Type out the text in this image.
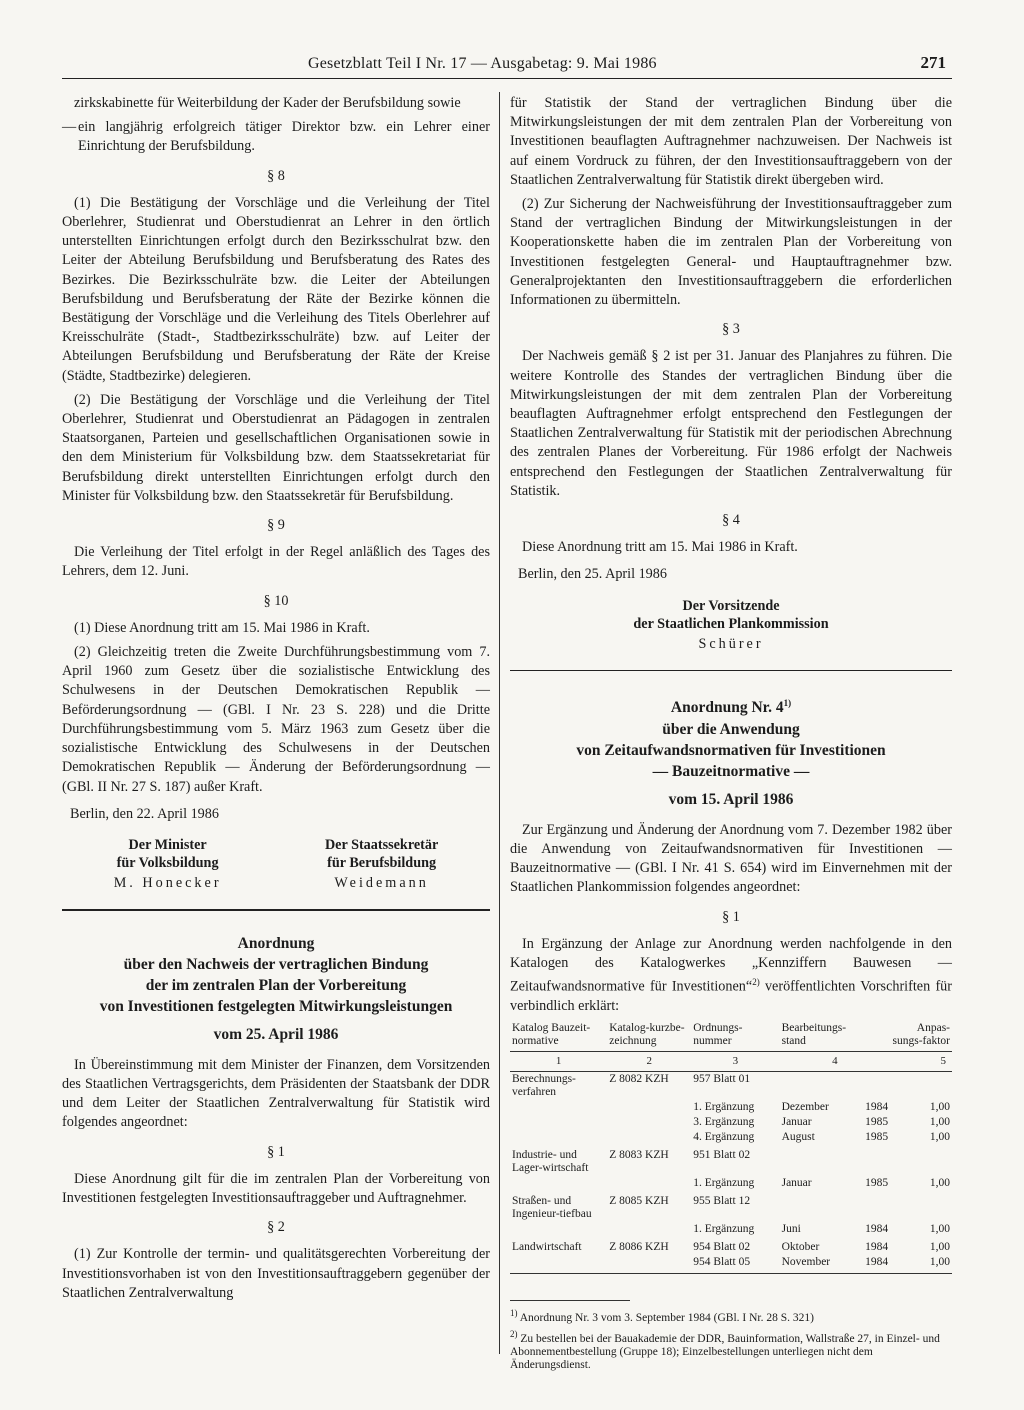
Gesetzblatt Teil I Nr. 17 — Ausgabetag: 9. Mai 1986	271

zirkskabinette für Weiterbildung der Kader der Berufsbildung sowie

— ein langjährig erfolgreich tätiger Direktor bzw. ein Lehrer einer Einrichtung der Berufsbildung.
§ 8

(1) Die Bestätigung der Vorschläge und die Verleihung der Titel Oberlehrer, Studienrat und Oberstudienrat an Lehrer in den örtlich unterstellten Einrichtungen erfolgt durch den Bezirksschulrat bzw. den Leiter der Abteilung Berufsbildung und Berufsberatung des Rates des Bezirkes. Die Bezirksschulräte bzw. die Leiter der Abteilungen Berufsbildung und Berufsberatung der Räte der Bezirke können die Bestätigung der Vorschläge und die Verleihung des Titels Oberlehrer auf Kreisschulräte (Stadt-, Stadtbezirksschulräte) bzw. auf Leiter der Abteilungen Berufsbildung und Berufsberatung der Räte der Kreise (Städte, Stadtbezirke) delegieren.

(2) Die Bestätigung der Vorschläge und die Verleihung der Titel Oberlehrer, Studienrat und Oberstudienrat an Pädagogen in zentralen Staatsorganen, Parteien und gesellschaftlichen Organisationen sowie in den dem Ministerium für Volksbildung bzw. dem Staatssekretariat für Berufsbildung direkt unterstellten Einrichtungen erfolgt durch den Minister für Volksbildung bzw. den Staatssekretär für Berufsbildung.

§ 9

Die Verleihung der Titel erfolgt in der Regel anläßlich des Tages des Lehrers, dem 12. Juni.

§ 10

(1) Diese Anordnung tritt am 15. Mai 1986 in Kraft.

(2) Gleichzeitig treten die Zweite Durchführungsbestimmung vom 7. April 1960 zum Gesetz über die sozialistische Entwicklung des Schulwesens in der Deutschen Demokratischen Republik — Beförderungsordnung — (GBl. I Nr. 23 S. 228) und die Dritte Durchführungsbestimmung vom 5. März 1963 zum Gesetz über die sozialistische Entwicklung des Schulwesens in der Deutschen Demokratischen Republik — Änderung der Beförderungsordnung — (GBl. II Nr. 27 S. 187) außer Kraft.

Berlin, den 22. April 1986
Der Minister
für Volksbildung
M. Honecker
Der Staatssekretär
für Berufsbildung
Weidemann
Anordnung
über den Nachweis der vertraglichen Bindung
der im zentralen Plan der Vorbereitung
von Investitionen festgelegten Mitwirkungsleistungen
vom 25. April 1986

In Übereinstimmung mit dem Minister der Finanzen, dem Vorsitzenden des Staatlichen Vertragsgerichts, dem Präsidenten der Staatsbank der DDR und dem Leiter der Staatlichen Zentralverwaltung für Statistik wird folgendes angeordnet:

§ 1

Diese Anordnung gilt für die im zentralen Plan der Vorbereitung von Investitionen festgelegten Investitionsauftraggeber und Auftragnehmer.

§ 2

(1) Zur Kontrolle der termin- und qualitätsgerechten Vorbereitung der Investitionsvorhaben ist von den Investitionsauftraggebern gegenüber der Staatlichen Zentralverwaltung

für Statistik der Stand der vertraglichen Bindung über die Mitwirkungsleistungen der mit dem zentralen Plan der Vorbereitung von Investitionen beauflagten Auftragnehmer nachzuweisen. Der Nachweis ist auf einem Vordruck zu führen, der den Investitionsauftraggebern von der Staatlichen Zentralverwaltung für Statistik direkt übergeben wird.

(2) Zur Sicherung der Nachweisführung der Investitionsauftraggeber zum Stand der vertraglichen Bindung der Mitwirkungsleistungen in der Kooperationskette haben die im zentralen Plan der Vorbereitung von Investitionen festgelegten General- und Hauptauftragnehmer bzw. Generalprojektanten den Investitionsauftraggebern die erforderlichen Informationen zu übermitteln.

§ 3

Der Nachweis gemäß § 2 ist per 31. Januar des Planjahres zu führen. Die weitere Kontrolle des Standes der vertraglichen Bindung über die Mitwirkungsleistungen der mit dem zentralen Plan der Vorbereitung beauflagten Auftragnehmer erfolgt entsprechend den Festlegungen der Staatlichen Zentralverwaltung für Statistik mit der periodischen Abrechnung des zentralen Planes der Vorbereitung. Für 1986 erfolgt der Nachweis entsprechend den Festlegungen der Staatlichen Zentralverwaltung für Statistik.

§ 4

Diese Anordnung tritt am 15. Mai 1986 in Kraft.

Berlin, den 25. April 1986
Der Vorsitzende
der Staatlichen Plankommission
Schürer
Anordnung Nr. 4$^{1)}$
über die Anwendung
von Zeitaufwandsnormativen für Investitionen
— Bauzeitnormative —
vom 15. April 1986

Zur Ergänzung und Änderung der Anordnung vom 7. Dezember 1982 über die Anwendung von Zeitaufwandsnormativen für Investitionen — Bauzeitnormative — (GBl. I Nr. 41 S. 654) wird im Einvernehmen mit der Staatlichen Plankommission folgendes angeordnet:

§ 1

In Ergänzung der Anlage zur Anordnung werden nachfolgende in den Katalogen des Katalogwerkes „Kennziffern Bauwesen — Zeitaufwandsnormative für Investitionen“$^{2)}$ veröffentlichten Vorschriften für verbindlich erklärt:

Katalog Bauzeit-normative	Katalog-kurzbe-zeichnung	Ordnungs-nummer	Bearbeitungs-stand		Anpas-sungs-faktor
1	2	3	4		5
Berechnungs-verfahren	Z 8082 KZH	957 Blatt 01			
		1. Ergänzung	Dezember	1984	1,00
		3. Ergänzung	Januar	1985	1,00
		4. Ergänzung	August	1985	1,00
Industrie- und Lager-wirtschaft	Z 8083 KZH	951 Blatt 02			
		1. Ergänzung	Januar	1985	1,00
Straßen- und Ingenieur-tiefbau	Z 8085 KZH	955 Blatt 12			
		1. Ergänzung	Juni	1984	1,00
Landwirtschaft	Z 8086 KZH	954 Blatt 02	Oktober	1984	1,00
		954 Blatt 05	November	1984	1,00

$^{1)}$ Anordnung Nr. 3 vom 3. September 1984 (GBl. I Nr. 28 S. 321)

$^{2)}$ Zu bestellen bei der Bauakademie der DDR, Bauinformation, Wallstraße 27, in Einzel- und Abonnementbestellung (Gruppe 18); Einzelbestellungen unterliegen nicht dem Änderungsdienst.
